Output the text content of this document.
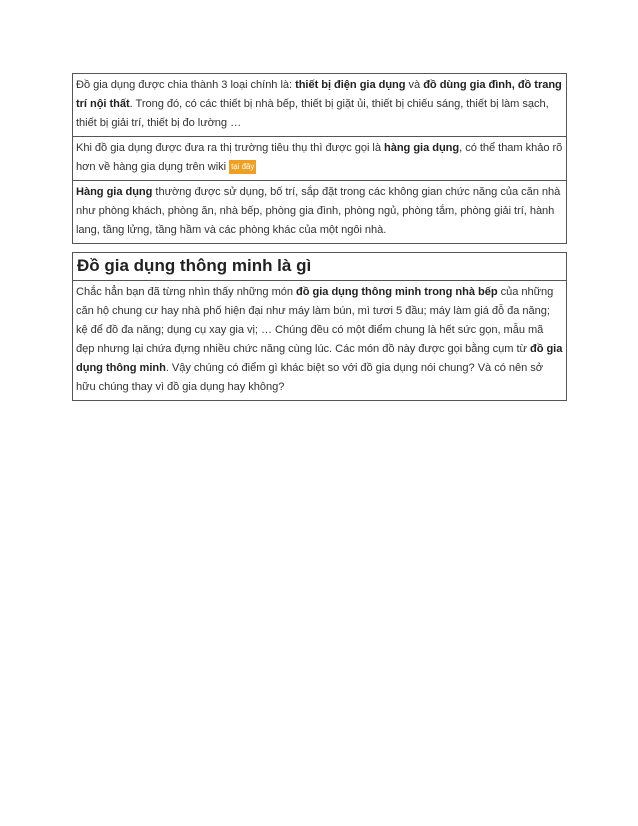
Đồ gia dụng được chia thành 3 loại chính là: thiết bị điện gia dụng và đồ dùng gia đình, đồ trang trí nội thất. Trong đó, có các thiết bị nhà bếp, thiết bị giặt ủi, thiết bị chiếu sáng, thiết bị làm sạch, thiết bị giải trí, thiết bị đo lường …
Khi đồ gia dụng được đưa ra thị trường tiêu thụ thì được gọi là hàng gia dụng, có thể tham khảo rõ hơn về hàng gia dụng trên wiki tại đây
Hàng gia dụng thường được sử dụng, bố trí, sắp đặt trong các không gian chức năng của căn nhà như phòng khách, phòng ăn, nhà bếp, phòng gia đình, phòng ngủ, phòng tắm, phòng giải trí, hành lang, tầng lửng, tầng hầm và các phòng khác của một ngôi nhà.
Đồ gia dụng thông minh là gì
Chắc hẳn bạn đã từng nhìn thấy những món đồ gia dụng thông minh trong nhà bếp của những căn hộ chung cư hay nhà phố hiện đại như máy làm bún, mì tươi 5 đầu; máy làm giá đỗ đa năng; kệ để đồ đa năng; dụng cụ xay gia vị; … Chúng đều có một điểm chung là hết sức gọn, mẫu mã đẹp nhưng lại chứa đựng nhiều chức năng cùng lúc. Các món đồ này được gọi bằng cụm từ đồ gia dụng thông minh. Vậy chúng có điểm gì khác biệt so với đồ gia dụng nói chung? Và có nên sở hữu chúng thay vì đồ gia dụng hay không?
